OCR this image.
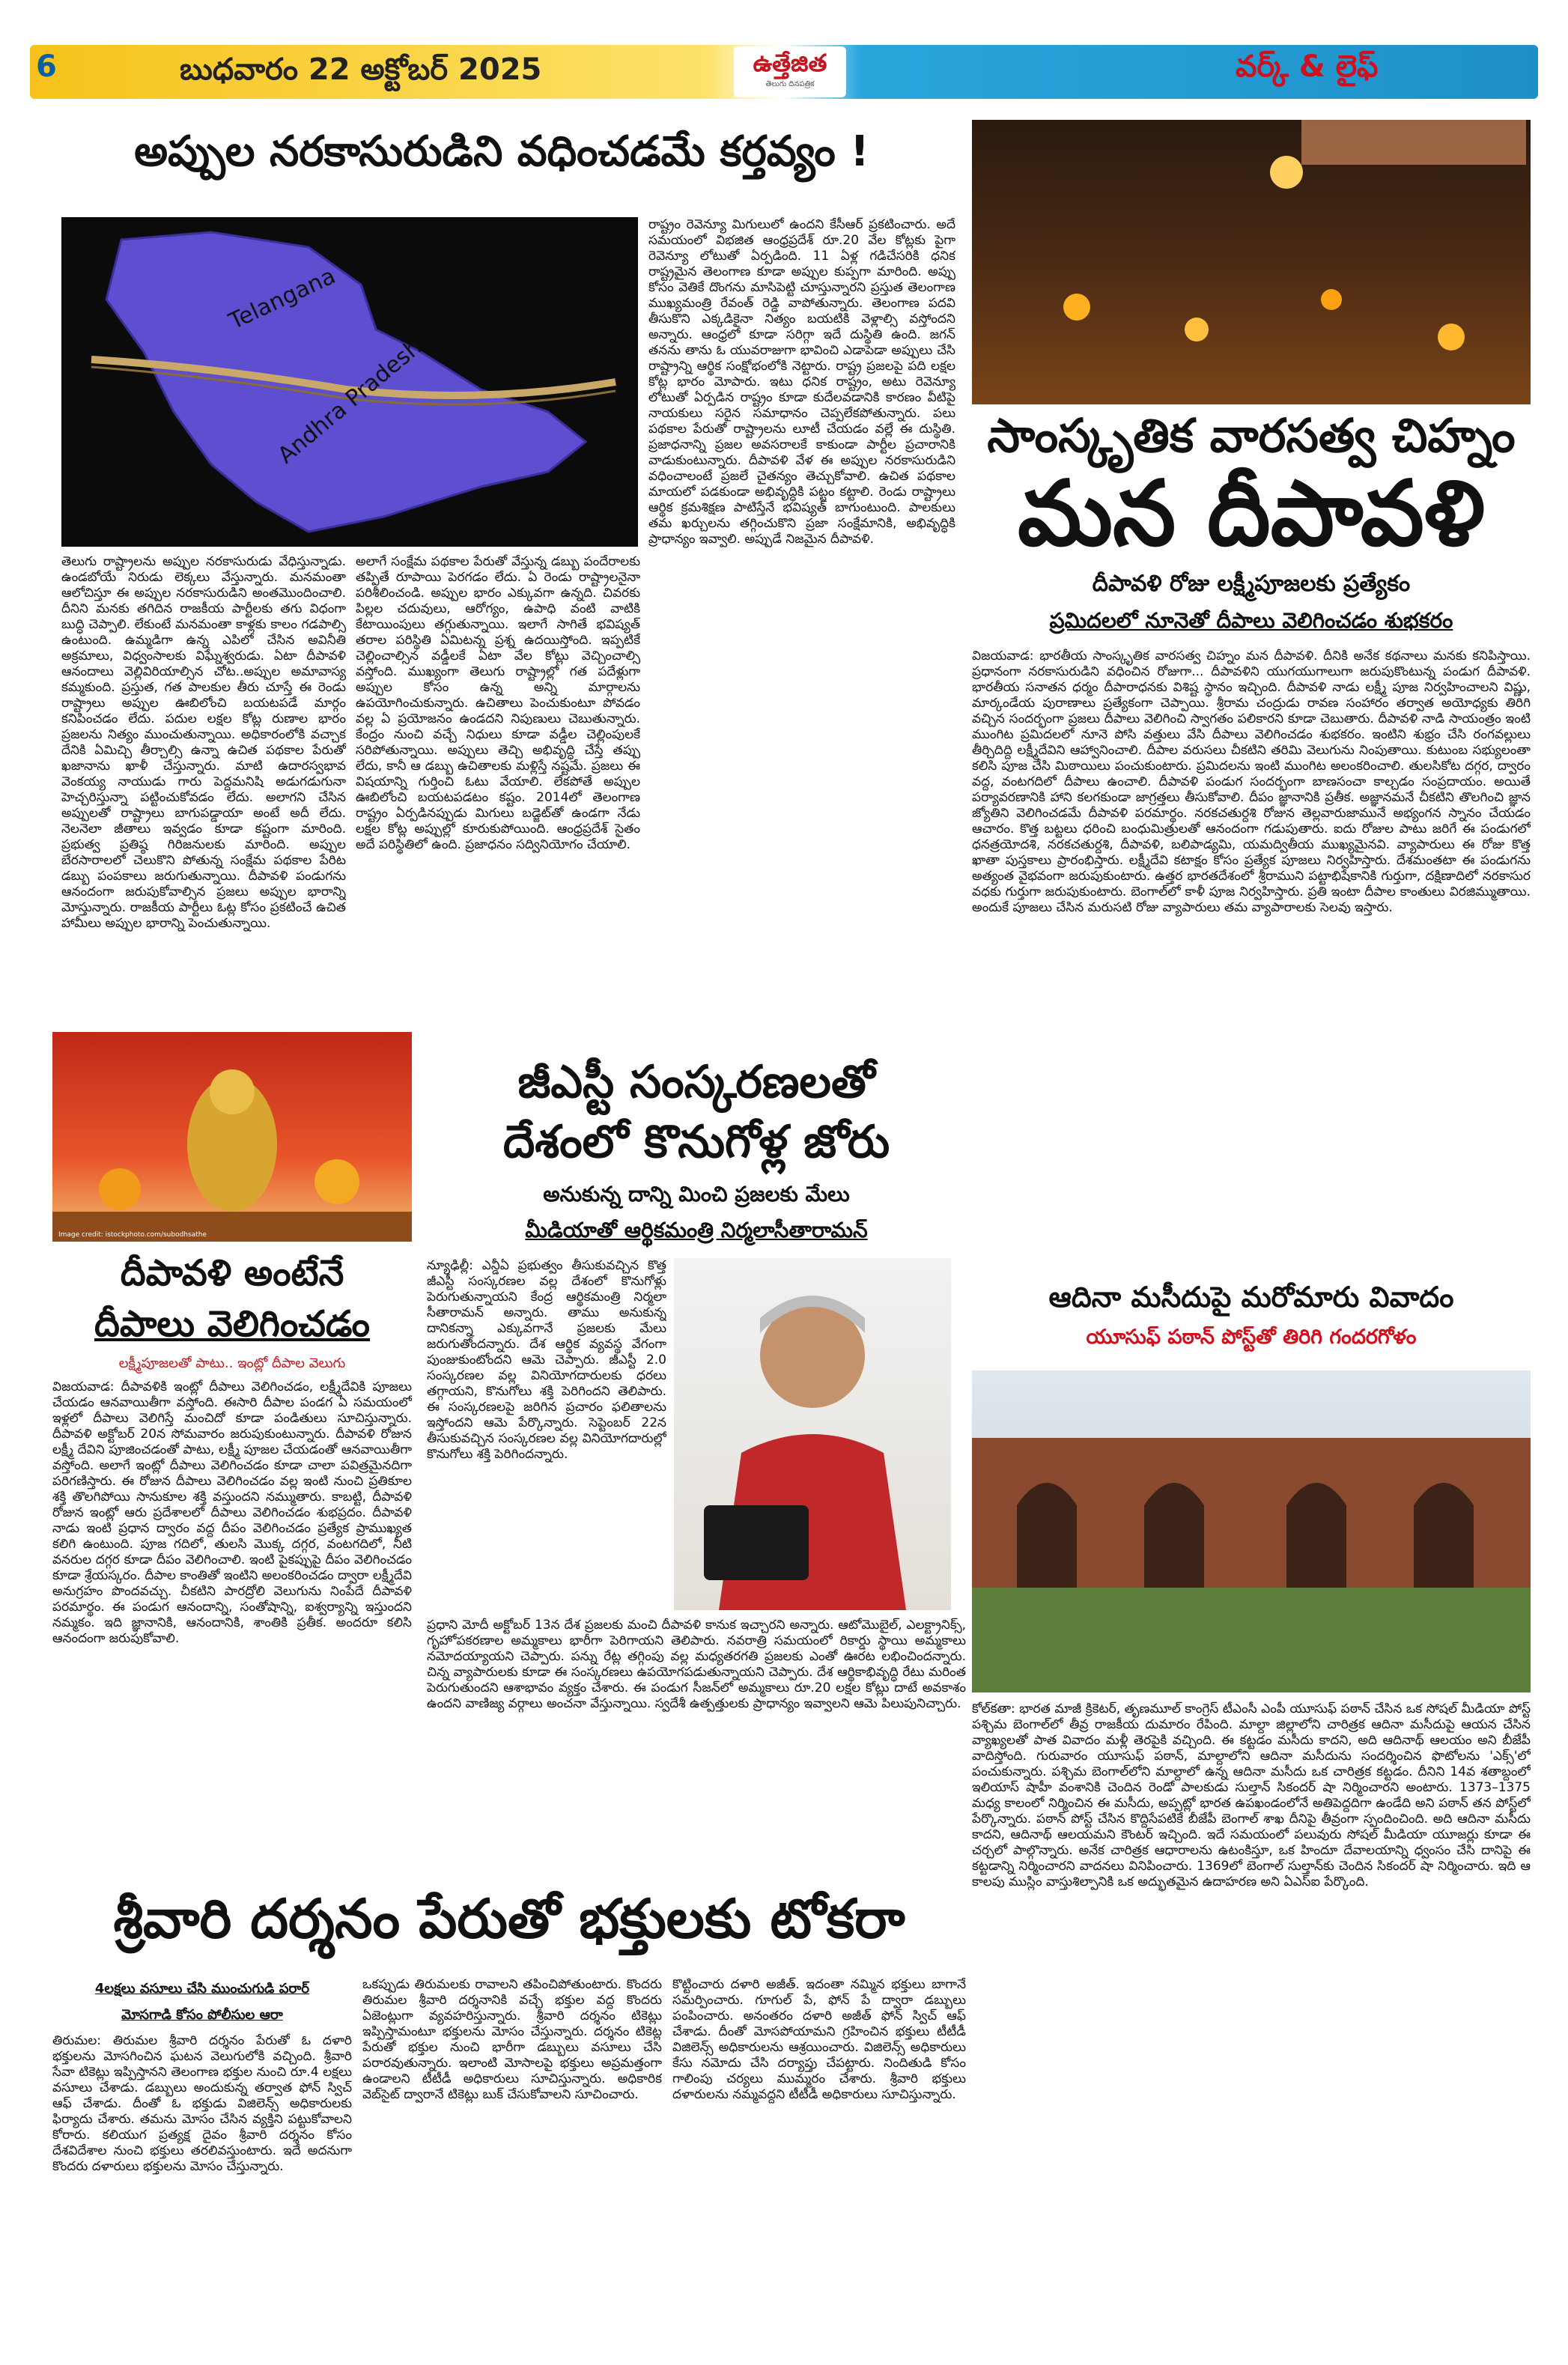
6	బుధవారం 22 అక్టోబర్ 2025	ఉత్తేజిత
తెలుగు దినపత్రిక
వర్క్ & లైఫ్
అప్పుల నరకాసురుడిని వధించడమే కర్తవ్యం !
Telangana
Andhra Pradesh
తెలుగు రాష్ట్రాలను అప్పుల నరకాసురుడు వేధిస్తున్నాడు. ఉండబోయే నిరుడు లెక్కలు వేస్తున్నారు. మనమంతా ఆలోచిస్తూ ఈ అప్పుల నరకాసురుడిని అంతమొందించాలి. దీనిని మనకు తగిదిన రాజకీయ పార్టీలకు తగు విధంగా బుద్ధి చెప్పాలి. లేకుంటే మనమంతా కాళ్లకు కాలం గడపాల్సి ఉంటుంది. ఉమ్మడిగా ఉన్న ఎపిలో చేసిన అవినీతి అక్రమాలు, విధ్వంసాలకు విఘ్నేశ్వరుడు. ఏటా దీపావళి ఆనందాలు వెల్లివిరియాల్సిన చోట..అప్పుల అమావాస్య కమ్మకుంది. ప్రస్తుత, గత పాలకుల తీరు చూస్తే ఈ రెండు రాష్ట్రాలు అప్పుల ఊబిలోంచి బయటపడే మార్గం కనిపించడం లేదు. పదుల లక్షల కోట్ల రుణాల భారం ప్రజలను నిత్యం ముంచుతున్నాయి. అధికారంలోకి వచ్చాక దేనికి ఏమిచ్చి తీర్చాల్సి ఉన్నా ఉచిత పథకాల పేరుతో ఖజానాను ఖాళీ చేస్తున్నారు. మాటి ఉదారస్వభావ వెంకయ్య నాయుడు గారు పెద్దమనిషి అడుగడుగునా హెచ్చరిస్తున్నా పట్టించుకోవడం లేదు. అలాగని చేసిన అప్పులతో రాష్ట్రాలు బాగుపడ్డాయా అంటే అదీ లేదు. నెలనెలా జీతాలు ఇవ్వడం కూడా కష్టంగా మారింది. ప్రభుత్వ ప్రతిష్ఠ గిరిజనులకు మారింది. అప్పుల బేరసారాలలో చెలుకొని పోతున్న సంక్షేమ పథకాల పేరిట డబ్బు పంపకాలు జరుగుతున్నాయి. దీపావళి పండుగను ఆనందంగా జరుపుకోవాల్సిన ప్రజలు అప్పుల భారాన్ని మోస్తున్నారు. రాజకీయ పార్టీలు ఓట్ల కోసం ప్రకటించే ఉచిత హామీలు అప్పుల భారాన్ని పెంచుతున్నాయి.
అలాగే సంక్షేమ పథకాల పేరుతో వేస్తున్న డబ్బు పందేరాలకు తప్పితే రూపాయి పెరగడం లేదు. ఏ రెండు రాష్ట్రాలనైనా పరిశీలించండి. అప్పుల భారం ఎక్కువగా ఉన్నది. చివరకు పిల్లల చదువులు, ఆరోగ్యం, ఉపాధి వంటి వాటికి కేటాయింపులు తగ్గుతున్నాయి. ఇలాగే సాగితే భవిష్యత్ తరాల పరిస్థితి ఏమిటన్న ప్రశ్న ఉదయిస్తోంది. ఇప్పటికే చెల్లించాల్సిన వడ్డీలకే ఏటా వేల కోట్లు వెచ్చించాల్సి వస్తోంది. ముఖ్యంగా తెలుగు రాష్ట్రాల్లో గత పదేళ్లుగా అప్పుల కోసం ఉన్న అన్ని మార్గాలను ఉపయోగించుకున్నారు. ఉచితాలు పెంచుకుంటూ పోవడం వల్ల ఏ ప్రయోజనం ఉండదని నిపుణులు చెబుతున్నారు. కేంద్రం నుంచి వచ్చే నిధులు కూడా వడ్డీల చెల్లింపులకే సరిపోతున్నాయి. అప్పులు తెచ్చి అభివృద్ధి చేస్తే తప్పు లేదు, కానీ ఆ డబ్బు ఉచితాలకు మళ్లిస్తే నష్టమే. ప్రజలు ఈ విషయాన్ని గుర్తించి ఓటు వేయాలి. లేకపోతే అప్పుల ఊబిలోంచి బయటపడటం కష్టం. 2014లో తెలంగాణ రాష్ట్రం ఏర్పడినప్పుడు మిగులు బడ్జెట్‌తో ఉండగా నేడు లక్షల కోట్ల అప్పుల్లో కూరుకుపోయింది. ఆంధ్రప్రదేశ్ సైతం అదే పరిస్థితిలో ఉంది. ప్రజాధనం సద్వినియోగం చేయాలి.
రాష్ట్రం రెవెన్యూ మిగులులో ఉందని కేసీఆర్ ప్రకటించారు. అదే సమయంలో విభజిత ఆంధ్రప్రదేశ్ రూ.20 వేల కోట్లకు పైగా రెవెన్యూ లోటుతో ఏర్పడింది. 11 ఏళ్ల గడిచేసరికి ధనిక రాష్ట్రమైన తెలంగాణ కూడా అప్పుల కుప్పగా మారింది. అప్పు కోసం వెతికే దొంగను మాసిపెట్టి చూస్తున్నారని ప్రస్తుత తెలంగాణ ముఖ్యమంత్రి రేవంత్ రెడ్డి వాపోతున్నారు. తెలంగాణ పదవి తీసుకొని ఎక్కడికైనా నిత్యం బయటికి వెళ్లాల్సి వస్తోందని అన్నారు. ఆంధ్రలో కూడా సరిగ్గా ఇదే దుస్థితి ఉంది. జగన్ తనను తాను ఓ యువరాజుగా భావించి ఎడాపెడా అప్పులు చేసి రాష్ట్రాన్ని ఆర్థిక సంక్షోభంలోకి నెట్టారు. రాష్ట్ర ప్రజలపై పది లక్షల కోట్ల భారం మోపారు. ఇటు ధనిక రాష్ట్రం, అటు రెవెన్యూ లోటుతో ఏర్పడిన రాష్ట్రం కూడా కుదేలవడానికి కారణం వీటిపై నాయకులు సరైన సమాధానం చెప్పలేకపోతున్నారు. పలు పథకాల పేరుతో రాష్ట్రాలను లూటీ చేయడం వల్లే ఈ దుస్థితి. ప్రజాధనాన్ని ప్రజల అవసరాలకే కాకుండా పార్టీల ప్రచారానికి వాడుకుంటున్నారు. దీపావళి వేళ ఈ అప్పుల నరకాసురుడిని వధించాలంటే ప్రజలే చైతన్యం తెచ్చుకోవాలి. ఉచిత పథకాల మాయలో పడకుండా అభివృద్ధికి పట్టం కట్టాలి. రెండు రాష్ట్రాలు ఆర్థిక క్రమశిక్షణ పాటిస్తేనే భవిష్యత్ బాగుంటుంది. పాలకులు తమ ఖర్చులను తగ్గించుకొని ప్రజా సంక్షేమానికి, అభివృద్ధికి ప్రాధాన్యం ఇవ్వాలి. అప్పుడే నిజమైన దీపావళి.
సాంస్కృతిక వారసత్వ చిహ్నం
మన దీపావళి
దీపావళి రోజు లక్ష్మీపూజలకు ప్రత్యేకం
ప్రమిదలలో నూనెతో దీపాలు వెలిగించడం శుభకరం
విజయవాడ: భారతీయ సాంస్కృతిక వారసత్వ చిహ్నం మన దీపావళి. దీనికి అనేక కథనాలు మనకు కనిపిస్తాయి. ప్రధానంగా నరకాసురుడిని వధించిన రోజుగా... దీపావళిని యుగయుగాలుగా జరుపుకొంటున్న పండుగ దీపావళి. భారతీయ సనాతన ధర్మం దీపారాధనకు విశిష్ట స్థానం ఇచ్చింది. దీపావళి నాడు లక్ష్మీ పూజ నిర్వహించాలని విష్ణు, మార్కండేయ పురాణాలు ప్రత్యేకంగా చెప్పాయి. శ్రీరామ చంద్రుడు రావణ సంహారం తర్వాత అయోధ్యకు తిరిగి వచ్చిన సందర్భంగా ప్రజలు దీపాలు వెలిగించి స్వాగతం పలికారని కూడా చెబుతారు. దీపావళి నాడి సాయంత్రం ఇంటి ముంగిట ప్రమిదలలో నూనె పోసి వత్తులు వేసి దీపాలు వెలిగించడం శుభకరం. ఇంటిని శుభ్రం చేసి రంగవల్లులు తీర్చిదిద్ది లక్ష్మీదేవిని ఆహ్వానించాలి. దీపాల వరుసలు చీకటిని తరిమి వెలుగును నింపుతాయి. కుటుంబ సభ్యులంతా కలిసి పూజ చేసి మిఠాయిలు పంచుకుంటారు. ప్రమిదలను ఇంటి ముంగిట అలంకరించాలి. తులసికోట దగ్గర, ద్వారం వద్ద, వంటగదిలో దీపాలు ఉంచాలి. దీపావళి పండుగ సందర్భంగా బాణసంచా కాల్చడం సంప్రదాయం. అయితే పర్యావరణానికి హాని కలగకుండా జాగ్రత్తలు తీసుకోవాలి. దీపం జ్ఞానానికి ప్రతీక. అజ్ఞానమనే చీకటిని తొలగించి జ్ఞాన జ్యోతిని వెలిగించడమే దీపావళి పరమార్థం. నరకచతుర్దశి రోజున తెల్లవారుజామునే అభ్యంగన స్నానం చేయడం ఆచారం. కొత్త బట్టలు ధరించి బంధుమిత్రులతో ఆనందంగా గడుపుతారు. ఐదు రోజుల పాటు జరిగే ఈ పండుగలో ధనత్రయోదశి, నరకచతుర్దశి, దీపావళి, బలిపాడ్యమి, యమద్వితీయ ముఖ్యమైనవి. వ్యాపారులు ఈ రోజు కొత్త ఖాతా పుస్తకాలు ప్రారంభిస్తారు. లక్ష్మీదేవి కటాక్షం కోసం ప్రత్యేక పూజలు నిర్వహిస్తారు. దేశమంతటా ఈ పండుగను అత్యంత వైభవంగా జరుపుకుంటారు. ఉత్తర భారతదేశంలో శ్రీరాముని పట్టాభిషేకానికి గుర్తుగా, దక్షిణాదిలో నరకాసుర వధకు గుర్తుగా జరుపుకుంటారు. బెంగాల్‌లో కాళీ పూజ నిర్వహిస్తారు. ప్రతి ఇంటా దీపాల కాంతులు విరజిమ్ముతాయి. అందుకే పూజలు చేసిన మరుసటి రోజు వ్యాపారులు తమ వ్యాపారాలకు సెలవు ఇస్తారు.
Image credit: istockphoto.com/subodhsathe
దీపావళి అంటేనే
దీపాలు వెలిగించడం
లక్ష్మీపూజలతో పాటు.. ఇంట్లో దీపాల వెలుగు
విజయవాడ: దీపావళికి ఇంట్లో దీపాలు వెలిగించడం, లక్ష్మీదేవికి పూజలు చేయడం ఆనవాయితీగా వస్తోంది. ఈసారి దీపాల పండగ ఏ సమయంలో ఇళ్లలో దీపాలు వెలిగిస్తే మంచిదో కూడా పండితులు సూచిస్తున్నారు. దీపావళి అక్టోబర్ 20న సోమవారం జరుపుకుంటున్నారు. దీపావళి రోజున లక్ష్మీ దేవిని పూజించడంతో పాటు, లక్ష్మీ పూజల చేయడంతో ఆనవాయితీగా వస్తోంది. అలాగే ఇంట్లో దీపాలు వెలిగించడం కూడా చాలా పవిత్రమైనదిగా పరిగణిస్తారు. ఈ రోజున దీపాలు వెలిగించడం వల్ల ఇంటి నుంచి ప్రతికూల శక్తి తొలగిపోయి సానుకూల శక్తి వస్తుందని నమ్ముతారు. కాబట్టి, దీపావళి రోజున ఇంట్లో ఆరు ప్రదేశాలలో దీపాలు వెలిగించడం శుభప్రదం. దీపావళి నాడు ఇంటి ప్రధాన ద్వారం వద్ద దీపం వెలిగించడం ప్రత్యేక ప్రాముఖ్యత కలిగి ఉంటుంది. పూజ గదిలో, తులసి మొక్క దగ్గర, వంటగదిలో, నీటి వనరుల దగ్గర కూడా దీపం వెలిగించాలి. ఇంటి పైకప్పుపై దీపం వెలిగించడం కూడా శ్రేయస్కరం. దీపాల కాంతితో ఇంటిని అలంకరించడం ద్వారా లక్ష్మీదేవి అనుగ్రహం పొందవచ్చు. చీకటిని పారద్రోలి వెలుగును నింపేదే దీపావళి పరమార్థం. ఈ పండుగ ఆనందాన్ని, సంతోషాన్ని, ఐశ్వర్యాన్ని ఇస్తుందని నమ్మకం. ఇది జ్ఞానానికి, ఆనందానికి, శాంతికి ప్రతీక. అందరూ కలిసి ఆనందంగా జరుపుకోవాలి.
జీఎస్టీ సంస్కరణలతో
దేశంలో కొనుగోళ్ల జోరు
అనుకున్న దాన్ని మించి ప్రజలకు మేలు
మీడియాతో ఆర్థికమంత్రి నిర్మలాసీతారామన్
న్యూఢిల్లీ: ఎన్డీఏ ప్రభుత్వం తీసుకువచ్చిన కొత్త జీఎస్టీ సంస్కరణల వల్ల దేశంలో కొనుగోళ్లు పెరుగుతున్నాయని కేంద్ర ఆర్థికమంత్రి నిర్మలా సీతారామన్ అన్నారు. తాము అనుకున్న దానికన్నా ఎక్కువగానే ప్రజలకు మేలు జరుగుతోందన్నారు. దేశ ఆర్థిక వ్యవస్థ వేగంగా పుంజుకుంటోందని ఆమె చెప్పారు. జీఎస్టీ 2.0 సంస్కరణల వల్ల వినియోగదారులకు ధరలు తగ్గాయని, కొనుగోలు శక్తి పెరిగిందని తెలిపారు. ఈ సంస్కరణలపై జరిగిన ప్రచారం ఫలితాలను ఇస్తోందని ఆమె పేర్కొన్నారు. సెప్టెంబర్ 22న తీసుకువచ్చిన సంస్కరణల వల్ల వినియోగదారుల్లో కొనుగోలు శక్తి పెరిగిందన్నారు.
ప్రధాని మోదీ అక్టోబర్ 13న దేశ ప్రజలకు మంచి దీపావళి కానుక ఇచ్చారని అన్నారు. ఆటోమొబైల్, ఎలక్ట్రానిక్స్, గృహోపకరణాల అమ్మకాలు భారీగా పెరిగాయని తెలిపారు. నవరాత్రి సమయంలో రికార్డు స్థాయి అమ్మకాలు నమోదయ్యాయని చెప్పారు. పన్ను రేట్ల తగ్గింపు వల్ల మధ్యతరగతి ప్రజలకు ఎంతో ఊరట లభించిందన్నారు. చిన్న వ్యాపారులకు కూడా ఈ సంస్కరణలు ఉపయోగపడుతున్నాయని చెప్పారు. దేశ ఆర్థికాభివృద్ధి రేటు మరింత పెరుగుతుందని ఆశాభావం వ్యక్తం చేశారు. ఈ పండుగ సీజన్‌లో అమ్మకాలు రూ.20 లక్షల కోట్లు దాటే అవకాశం ఉందని వాణిజ్య వర్గాలు అంచనా వేస్తున్నాయి. స్వదేశీ ఉత్పత్తులకు ప్రాధాన్యం ఇవ్వాలని ఆమె పిలుపునిచ్చారు.
ఆదినా మసీదుపై మరోమారు వివాదం
యూసుఫ్ పఠాన్ పోస్ట్‌తో తిరిగి గందరగోళం
కోల్‌కతా: భారత మాజీ క్రికెటర్, తృణమూల్ కాంగ్రెస్ టీఎంసీ ఎంపీ యూసుఫ్ పఠాన్ చేసిన ఒక సోషల్ మీడియా పోస్ట్ పశ్చిమ బెంగాల్‌లో తీవ్ర రాజకీయ దుమారం రేపింది. మాల్దా జిల్లాలోని చారిత్రక ఆదినా మసీదుపై ఆయన చేసిన వ్యాఖ్యలతో పాత వివాదం మళ్లీ తెరపైకి వచ్చింది. ఈ కట్టడం మసీదు కాదని, అది ఆదినాథ్ ఆలయం అని బీజేపీ వాదిస్తోంది. గురువారం యూసుఫ్ పఠాన్, మాల్దాలోని ఆదినా మసీదును సందర్శించిన ఫొటోలను 'ఎక్స్'లో పంచుకున్నారు. పశ్చిమ బెంగాల్‌లోని మాల్దాలో ఉన్న ఆదినా మసీదు ఒక చారిత్రక కట్టడం. దీనిని 14వ శతాబ్దంలో ఇలియాస్ షాహీ వంశానికి చెందిన రెండో పాలకుడు సుల్తాన్ సికందర్ షా నిర్మించారని అంటారు. 1373–1375 మధ్య కాలంలో నిర్మించిన ఈ మసీదు, అప్పట్లో భారత ఉపఖండంలోనే అతిపెద్దదిగా ఉండేది అని పఠాన్ తన పోస్ట్‌లో పేర్కొన్నారు. పఠాన్ పోస్ట్ చేసిన కొద్దిసేపటికే బీజేపీ బెంగాల్ శాఖ దీనిపై తీవ్రంగా స్పందించింది. అది ఆదినా మసీదు కాదని, ఆదినాథ్ ఆలయమని కౌంటర్ ఇచ్చింది. ఇదే సమయంలో పలువురు సోషల్ మీడియా యూజర్లు కూడా ఈ చర్చలో పాల్గొన్నారు. అనేక చారిత్రక ఆధారాలను ఉటంకిస్తూ, ఒక హిందూ దేవాలయాన్ని ధ్వంసం చేసి దానిపై ఈ కట్టడాన్ని నిర్మించారని వాదనలు వినిపించారు. 1369లో బెంగాల్ సుల్తాన్‌కు చెందిన సికందర్ షా నిర్మించారు. ఇది ఆ కాలపు ముస్లిం వాస్తుశిల్పానికి ఒక అద్భుతమైన ఉదాహరణ అని ఏఎస్ఐ పేర్కొంది.
శ్రీవారి దర్శనం పేరుతో భక్తులకు టోకరా
4లక్షలు వసూలు చేసి ముంచుగుడి పరార్
మోసగాడి కోసం పోలీసుల ఆరా
తిరుమల: తిరుమల శ్రీవారి దర్శనం పేరుతో ఓ దళారి భక్తులను మోసగించిన ఘటన వెలుగులోకి వచ్చింది. శ్రీవారి సేవా టికెట్లు ఇప్పిస్తానని తెలంగాణ భక్తుల నుంచి రూ.4 లక్షలు వసూలు చేశాడు. డబ్బులు అందుకున్న తర్వాత ఫోన్ స్విచ్ ఆఫ్ చేశాడు. దీంతో ఓ భక్తుడు విజిలెన్స్ అధికారులకు ఫిర్యాదు చేశారు. తమను మోసం చేసిన వ్యక్తిని పట్టుకోవాలని కోరారు. కలియుగ ప్రత్యక్ష దైవం శ్రీవారి దర్శనం కోసం దేశవిదేశాల నుంచి భక్తులు తరలివస్తుంటారు. ఇదే అదనుగా కొందరు దళారులు భక్తులను మోసం చేస్తున్నారు.
ఒకప్పుడు తిరుమలకు రావాలని తపించిపోతుంటారు. కొందరు తిరుమల శ్రీవారి దర్శనానికి వచ్చే భక్తుల వద్ద కొందరు ఏజెంట్లుగా వ్యవహరిస్తున్నారు. శ్రీవారి దర్శనం టికెట్లు ఇప్పిస్తామంటూ భక్తులను మోసం చేస్తున్నారు. దర్శనం టికెట్ల పేరుతో భక్తుల నుంచి భారీగా డబ్బులు వసూలు చేసి పరారవుతున్నారు. ఇలాంటి మోసాలపై భక్తులు అప్రమత్తంగా ఉండాలని టీటీడీ అధికారులు సూచిస్తున్నారు. అధికారిక వెబ్‌సైట్ ద్వారానే టికెట్లు బుక్ చేసుకోవాలని సూచించారు.
కొట్టించారు దళారి అజీత్. ఇదంతా నమ్మిన భక్తులు బాగానే సమర్పించారు. గూగుల్ పే, ఫోన్ పే ద్వారా డబ్బులు పంపించారు. అనంతరం దళారి అజీత్ ఫోన్ స్విచ్ ఆఫ్ చేశాడు. దీంతో మోసపోయామని గ్రహించిన భక్తులు టీటీడీ విజిలెన్స్ అధికారులను ఆశ్రయించారు. విజిలెన్స్ అధికారులు కేసు నమోదు చేసి దర్యాప్తు చేపట్టారు. నిందితుడి కోసం గాలింపు చర్యలు ముమ్మరం చేశారు. శ్రీవారి భక్తులు దళారులను నమ్మవద్దని టీటీడీ అధికారులు సూచిస్తున్నారు.
